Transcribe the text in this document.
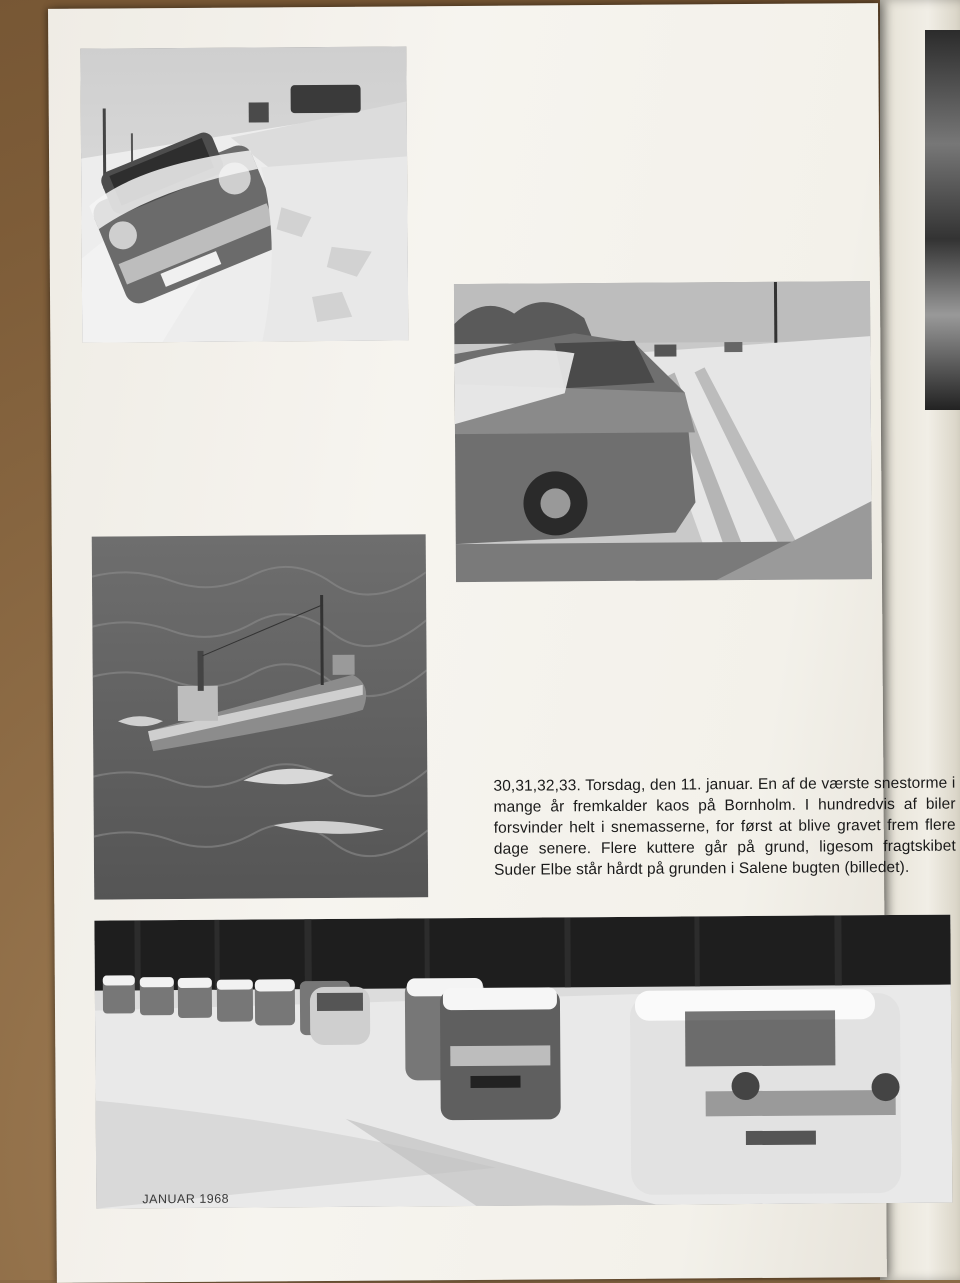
30,31,32,33. Torsdag, den 11. januar. En af de værste snestorme i mange år fremkalder kaos på Bornholm. I hundredvis af biler forsvinder helt i snemasserne, for først at blive gravet frem flere dage senere. Flere kuttere går på grund, ligesom fragtskibet Suder Elbe står hårdt på grunden i Salene bugten (billedet).
JANUAR 1968
